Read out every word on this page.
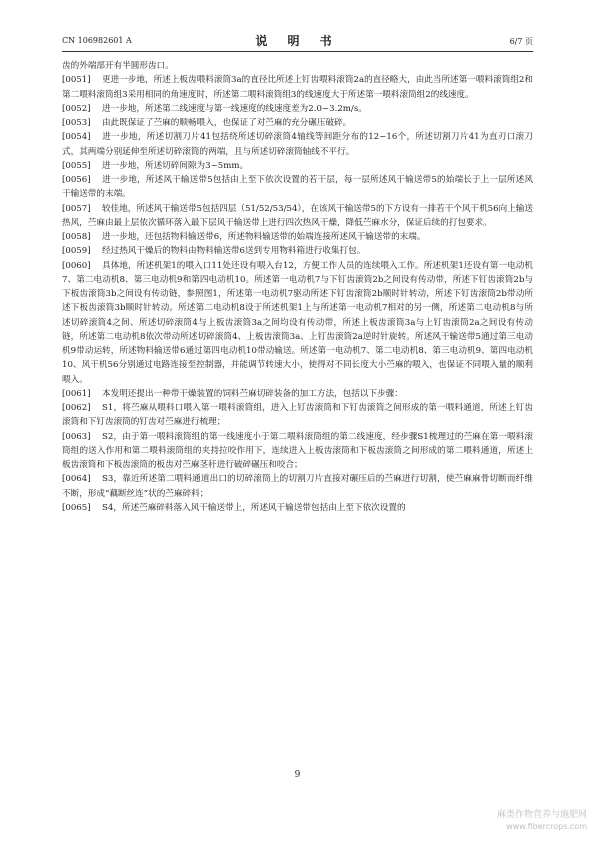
CN 106982601 A	说 明 书	6/7 页
齿的外端部开有半圆形齿口。
[0051] 更进一步地，所述上板齿喂料滚筒3a的直径比所述上钉齿喂料滚筒2a的直径略大，由此当所述第一喂料滚筒组2和第二喂料滚筒组3采用相同的角速度时，所述第二喂料滚筒组3的线速度大于所述第一喂料滚筒组2的线速度。
[0052] 进一步地，所述第二线速度与第一线速度的线速度差为2.0~3.2m/s。
[0053] 由此既保证了苎麻的顺畅喂入，也保证了对苎麻的充分碾压破碎。
[0054] 进一步地，所述切割刀片41包括绕所述切碎滚筒4轴线等间距分布的12~16个，所述切割刀片41为直刃口滚刀式，其两端分别延伸至所述切碎滚筒的两端，且与所述切碎滚筒轴线不平行。
[0055] 进一步地，所述切碎间隙为3~5mm。
[0056] 进一步地，所述风干输送带5包括由上至下依次设置的若干层，每一层所述风干输送带5的始端长于上一层所述风干输送带的末端。
[0057] 较佳地，所述风干输送带5包括四层（51/52/53/54），在该风干输送带5的下方设有一排若干个风干机56向上输送热风，苎麻由最上层依次循环落入最下层风干输送带上进行四次热风干燥，降低苎麻水分，保证后续的打包要求。
[0058] 进一步地，还包括物料输送带6，所述物料输送带的始端连接所述风干输送带的末端。
[0059] 经过热风干燥后的物料由物料输送带6送到专用物料箱进行收集打包。
[0060] 具体地，所述机架1的喂入口11处还设有喂入台12，方便工作人员的连续喂入工作。所述机架1还设有第一电动机7、第二电动机8、第三电动机9和第四电动机10。所述第一电动机7与下钉齿滚筒2b之间设有传动带，所述下钉齿滚筒2b与下板齿滚筒3b之间设有传动链，参照图1，所述第一电动机7驱动所述下钉齿滚筒2b顺时针转动，所述下钉齿滚筒2b带动所述下板齿滚筒3b顺时针转动。所述第二电动机8设于所述机架1上与所述第一电动机7相对的另一侧，所述第二电动机8与所述切碎滚筒4之间、所述切碎滚筒4与上板齿滚筒3a之间均设有传动带，所述上板齿滚筒3a与上钉齿滚筒2a之间设有传动链，所述第二电动机8依次带动所述切碎滚筒4、上板齿滚筒3a、上钉齿滚筒2a逆时针旋转。所述风干输送带5通过第三电动机9带动运转，所述物料输送带6通过第四电动机10带动输送。所述第一电动机7、第二电动机8、第三电动机9、第四电动机10、风干机56分别通过电路连接至控制器，并能调节转速大小，使得对不同长度大小苎麻的喂入，也保证不同喂入量的顺利喂入。
[0061] 本发明还提出一种带干燥装置的饲料苎麻切碎装备的加工方法，包括以下步骤：
[0062] S1，将苎麻从喂料口喂入第一喂料滚筒组，进入上钉齿滚筒和下钉齿滚筒之间形成的第一喂料通道，所述上钉齿滚筒和下钉齿滚筒的钉齿对苎麻进行梳理；
[0063] S2，由于第一喂料滚筒组的第一线速度小于第二喂料滚筒组的第二线速度，经步骤S1梳理过的苎麻在第一喂料滚筒组的送入作用和第二喂料滚筒组的夹持拉咬作用下，连续进入上板齿滚筒和下板齿滚筒之间形成的第二喂料通道，所述上板齿滚筒和下板齿滚筒的板齿对苎麻茎秆进行破碎碾压和咬合；
[0064] S3，靠近所述第二喂料通道出口的切碎滚筒上的切割刀片直接对碾压后的苎麻进行切割，使苎麻麻骨切断而纤维不断，形成“藕断丝连”状的苎麻碎料；
[0065] S4，所述苎麻碎料落入风干输送带上，所述风干输送带包括由上至下依次设置的
9
麻类作物营养与施肥网
www.fibercrops.com
